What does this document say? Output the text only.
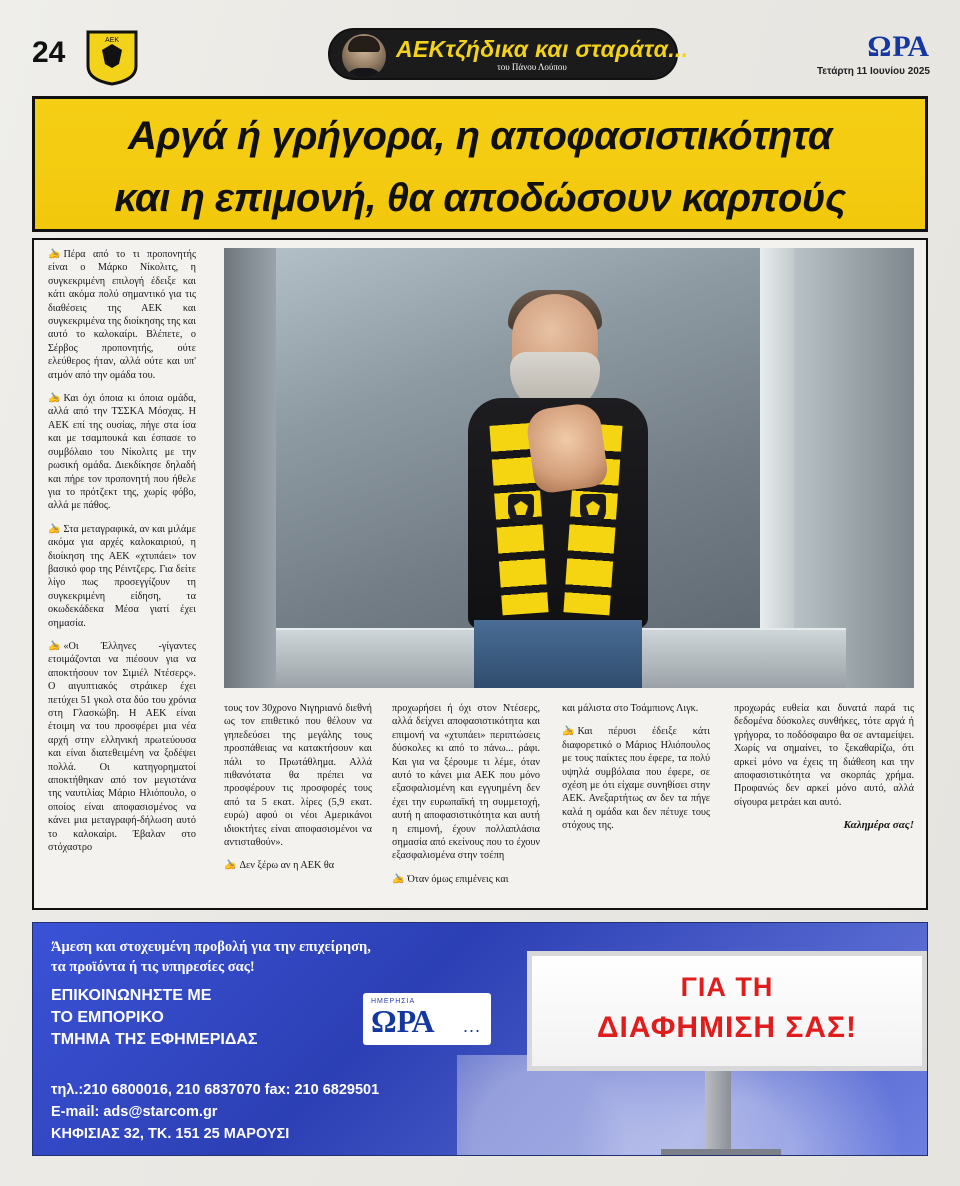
24	ΑΕΚ	ΑΕΚτζήδικα και σταράτα...
του Πάνου Λούπου
ΩΡΑ
Τετάρτη 11 Ιουνίου 2025
Αργά ή γρήγορα, η αποφασιστικότητα
και η επιμονή, θα αποδώσουν καρπούς

✍ Πέρα από το τι προπονητής είναι ο Μάρκο Νίκολιτς, η συγκεκριμένη επιλογή έδειξε και κάτι ακόμα πολύ σημαντικό για τις διαθέσεις της ΑΕΚ και συγκεκριμένα της διοίκησης της και αυτό το καλοκαίρι. Βλέπετε, ο Σέρβος προπονητής, ούτε ελεύθερος ήταν, αλλά ούτε και υπ' ατμόν από την ομάδα του.

✍ Και όχι όποια κι όποια ομάδα, αλλά από την ΤΣΣΚΑ Μόσχας. Η ΑΕΚ επί της ουσίας, πήγε στα ίσα και με τσαμπουκά και έσπασε το συμβόλαιο του Νίκολιτς με την ρωσική ομάδα. Διεκδίκησε δηλαδή και πήρε τον προπονητή που ήθελε για το πρότζεκτ της, χωρίς φόβο, αλλά με πάθος.

✍ Στα μεταγραφικά, αν και μιλάμε ακόμα για αρχές καλοκαιριού, η διοίκηση της ΑΕΚ «χτυπάει» τον βασικό φορ της Ρέιντζερς. Για δείτε λίγο πως προσεγγίζουν τη συγκεκριμένη είδηση, τα οκωδεκάδεκα Μέσα γιατί έχει σημασία.

✍ «Οι Έλληνες -γίγαντες ετοιμάζονται να πιέσουν για να αποκτήσουν τον Σιμιέλ Ντέσερς». Ο αιγυπτιακός στράικερ έχει πετύχει 51 γκολ στα δύο του χρόνια στη Γλασκώβη. Η ΑΕΚ είναι έτοιμη να του προσφέρει μια νέα αρχή στην ελληνική πρωτεύουσα και είναι διατεθειμένη να ξοδέψει πολλά. Οι κατηγορηματοί αποκτήθηκαν από τον μεγιστάνα της ναυτιλίας Μάριο Ηλιόπουλο, ο οποίος είναι αποφασισμένος να κάνει μια μεταγραφή-δήλωση αυτό το καλοκαίρι. Έβαλαν στο στόχαστρο

τους τον 30χρονο Νιγηριανό διεθνή ως τον επιθετικό που θέλουν να γηπεδεύσει της μεγάλης τους προσπάθειας να κατακτήσουν και πάλι το Πρωτάθλημα. Αλλά πιθανότατα θα πρέπει να προσφέρουν τις προσφορές τους από τα 5 εκατ. λίρες (5,9 εκατ. ευρώ) αφού οι νέοι Αμερικάνοι ιδιοκτήτες είναι αποφασισμένοι να αντισταθούν».

✍ Δεν ξέρω αν η ΑΕΚ θα

προχωρήσει ή όχι στον Ντέσερς, αλλά δείχνει αποφασιστικότητα και επιμονή να «χτυπάει» περιπτώσεις δύσκολες κι από το πάνω... ράφι. Και για να ξέρουμε τι λέμε, όταν αυτό το κάνει μια ΑΕΚ που μόνο εξασφαλισμένη και εγγυημένη δεν έχει την ευρωπαϊκή τη συμμετοχή, αυτή η αποφασιστικότητα και αυτή η επιμονή, έχουν πολλαπλάσια σημασία από εκείνους που το έχουν εξασφαλισμένα στην τσέπη

✍ Όταν όμως επιμένεις και

και μάλιστα στο Τσάμπιονς Λιγκ.

✍ Και πέρυσι έδειξε κάτι διαφορετικό ο Μάριος Ηλιόπουλος με τους παίκτες που έφερε, τα πολύ υψηλά συμβόλαια που έφερε, σε σχέση με ότι είχαμε συνηθίσει στην ΑΕΚ. Ανεξαρτήτως αν δεν τα πήγε καλά η ομάδα και δεν πέτυχε τους στόχους της.

προχωράς ευθεία και δυνατά παρά τις δεδομένα δύσκολες συνθήκες, τότε αργά ή γρήγορα, το ποδόσφαιρο θα σε ανταμείψει. Χωρίς να σημαίνει, το ξεκαθαρίζω, ότι αρκεί μόνο να έχεις τη διάθεση και την αποφασιστικότητα να σκορπάς χρήμα. Προφανώς δεν αρκεί μόνο αυτό, αλλά σίγουρα μετράει και αυτό.

Καλημέρα σας!
Άμεση και στοχευμένη προβολή για την επιχείρηση,
τα προϊόντα ή τις υπηρεσίες σας!
ΕΠΙΚΟΙΝΩΝΗΣΤΕ ΜΕ
ΤΟ ΕΜΠΟΡΙΚΟ
ΤΜΗΜΑ ΤΗΣ ΕΦΗΜΕΡΙΔΑΣ
ΗΜΕΡΗΣΙΑ
ΩΡΑ ...
ΓΙΑ ΤΗ
ΔΙΑΦΗΜΙΣΗ ΣΑΣ!
τηλ.:210 6800016, 210 6837070 fax: 210 6829501
E-mail: ads@starcom.gr
ΚΗΦΙΣΙΑΣ 32, ΤΚ. 151 25 ΜΑΡΟΥΣΙ
